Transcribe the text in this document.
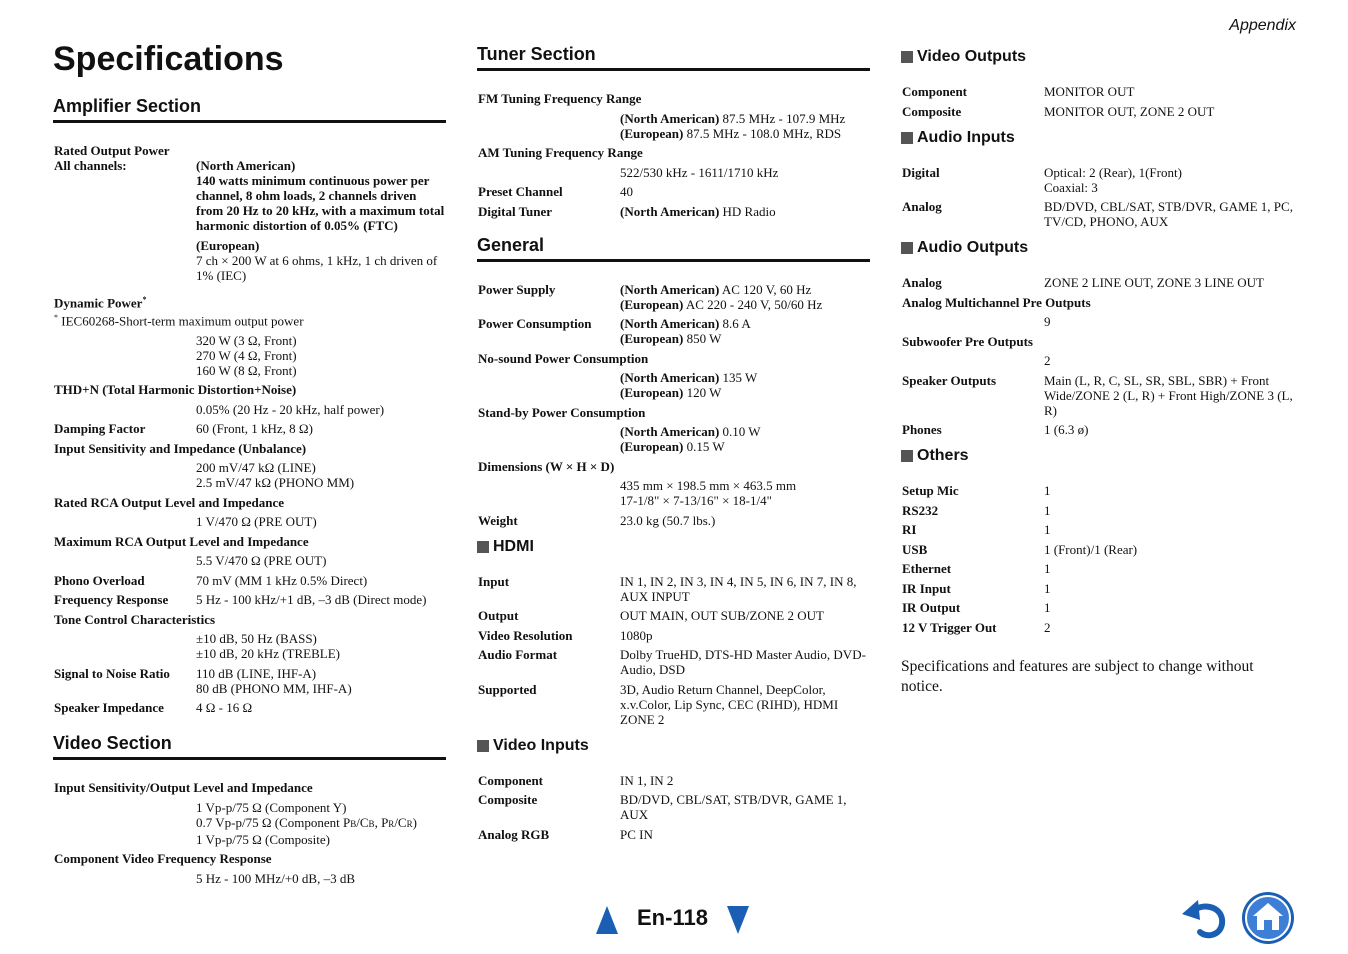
Appendix
Specifications
Amplifier Section
Rated Output Power
All channels:	(North American)
140 watts minimum continuous power per channel, 8 ohm loads, 2 channels driven from 20 Hz to 20 kHz, with a maximum total harmonic distortion of 0.05% (FTC)
(European)
7 ch × 200 W at 6 ohms, 1 kHz, 1 ch driven of 1% (IEC)
Dynamic Power*
* IEC60268-Short-term maximum output power
320 W (3 Ω, Front)
270 W (4 Ω, Front)
160 W (8 Ω, Front)
THD+N (Total Harmonic Distortion+Noise)
0.05% (20 Hz - 20 kHz, half power)
Damping Factor	60 (Front, 1 kHz, 8 Ω)
Input Sensitivity and Impedance (Unbalance)
200 mV/47 kΩ (LINE)
2.5 mV/47 kΩ (PHONO MM)
Rated RCA Output Level and Impedance
1 V/470 Ω (PRE OUT)
Maximum RCA Output Level and Impedance
5.5 V/470 Ω (PRE OUT)
Phono Overload	70 mV (MM 1 kHz 0.5% Direct)
Frequency Response	5 Hz - 100 kHz/+1 dB, –3 dB (Direct mode)
Tone Control Characteristics
±10 dB, 50 Hz (BASS)
±10 dB, 20 kHz (TREBLE)
Signal to Noise Ratio	110 dB (LINE, IHF-A)
80 dB (PHONO MM, IHF-A)
Speaker Impedance	4 Ω - 16 Ω
Video Section
Input Sensitivity/Output Level and Impedance
1 Vp-p/75 Ω (Component Y)
0.7 Vp-p/75 Ω (Component PB/CB, PR/CR)
1 Vp-p/75 Ω (Composite)
Component Video Frequency Response
5 Hz - 100 MHz/+0 dB, –3 dB
Tuner Section
FM Tuning Frequency Range
(North American) 87.5 MHz - 107.9 MHz
(European) 87.5 MHz - 108.0 MHz, RDS
AM Tuning Frequency Range
522/530 kHz - 1611/1710 kHz
Preset Channel	40
Digital Tuner	(North American) HD Radio
General
Power Supply	(North American) AC 120 V, 60 Hz
(European) AC 220 - 240 V, 50/60 Hz
Power Consumption	(North American) 8.6 A
(European) 850 W
No-sound Power Consumption
(North American) 135 W
(European) 120 W
Stand-by Power Consumption
(North American) 0.10 W
(European) 0.15 W
Dimensions (W × H × D)
435 mm × 198.5 mm × 463.5 mm
17-1/8" × 7-13/16" × 18-1/4"
Weight	23.0 kg (50.7 lbs.)
HDMI
Input	IN 1, IN 2, IN 3, IN 4, IN 5, IN 6, IN 7, IN 8, AUX INPUT
Output	OUT MAIN, OUT SUB/ZONE 2 OUT
Video Resolution	1080p
Audio Format	Dolby TrueHD, DTS-HD Master Audio, DVD-Audio, DSD
Supported	3D, Audio Return Channel, DeepColor, x.v.Color, Lip Sync, CEC (RIHD), HDMI ZONE 2
Video Inputs
Component	IN 1, IN 2
Composite	BD/DVD, CBL/SAT, STB/DVR, GAME 1, AUX
Analog RGB	PC IN
Video Outputs
Component	MONITOR OUT
Composite	MONITOR OUT, ZONE 2 OUT
Audio Inputs
Digital	Optical: 2 (Rear), 1(Front)
Coaxial: 3
Analog	BD/DVD, CBL/SAT, STB/DVR, GAME 1, PC, TV/CD, PHONO, AUX
Audio Outputs
Analog	ZONE 2 LINE OUT, ZONE 3 LINE OUT
Analog Multichannel Pre Outputs
9
Subwoofer Pre Outputs
2
Speaker Outputs	Main (L, R, C, SL, SR, SBL, SBR) + Front Wide/ZONE 2 (L, R) + Front High/ZONE 3 (L, R)
Phones	1 (6.3 ø)
Others
Setup Mic	1
RS232	1
RI	1
USB	1 (Front)/1 (Rear)
Ethernet	1
IR Input	1
IR Output	1
12 V Trigger Out	2
Specifications and features are subject to change without notice.
En-118
